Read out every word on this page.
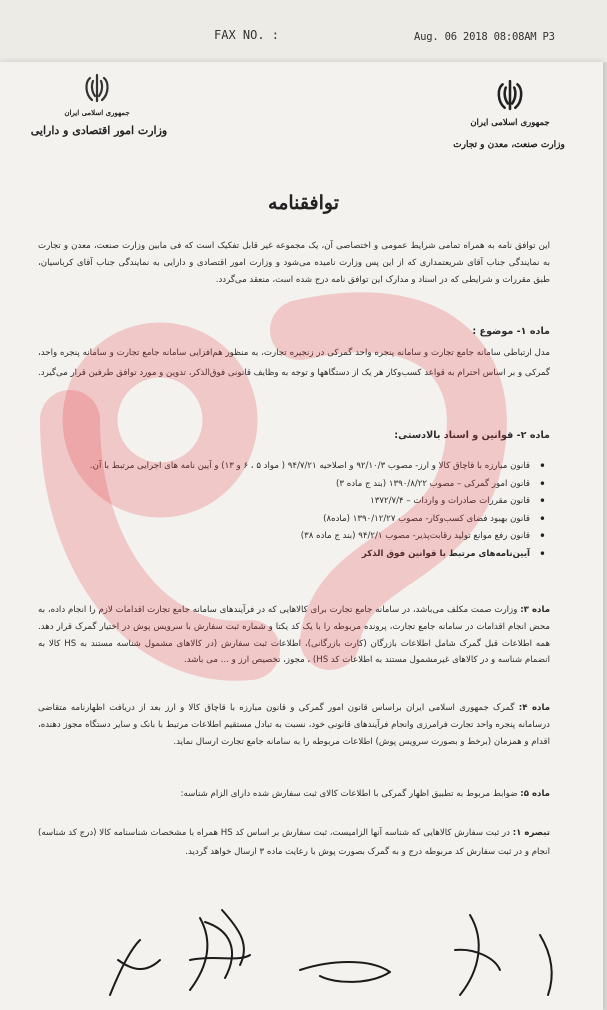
FAX NO. :	Aug. 06 2018 08:08AM P3
جمهوری اسلامی ایران
وزارت امور اقتصادی و دارایی
جمهوری اسلامی ایران
وزارت صنعت، معدن و تجارت
توافقنامه
این توافق نامه به همراه تمامی شرایط عمومی و اختصاصی آن، یک مجموعه غیر قابل تفکیک است که فی مابین وزارت صنعت، معدن و تجارت به نمایندگی جناب آقای شریعتمداری که از این پس وزارت نامیده می‌شود و وزارت امور اقتصادی و دارایی به نمایندگی جناب آقای کرباسیان، طبق مقررات و شرایطی که در اسناد و مدارک این توافق نامه درج شده است، منعقد می‌گردد.
ماده ۱- موضوع :
مدل ارتباطی سامانه جامع تجارت و سامانه پنجره واحد گمرکی در زنجیره تجارت، به منظور هم‌افزایی سامانه جامع تجارت و سامانه پنجره واحد، گمرکی و بر اساس احترام به قواعد کسب‌وکار هر یک از دستگاهها و توجه به وظایف قانونی فوق‌الذکر، تدوین و مورد توافق طرفین قرار می‌گیرد.
ماده ۲- قوانین و اسناد بالادستی:
• قانون مبارزه با قاچاق کالا و ارز- مصوب ۹۲/۱۰/۳ و اصلاحیه ۹۴/۷/۲۱ ( مواد ۵ ، ۶ و ۱۳) و آیین نامه های اجرایی مرتبط با آن.
• قانون امور گمرکی – مصوب ۱۳۹۰/۸/۲۲ (بند ج ماده ۳)
• قانون مقررات صادرات و واردات – ۱۳۷۲/۷/۴
• قانون بهبود فضای کسب‌وکار- مصوب ۱۳۹۰/۱۲/۲۷ (ماده۸)
• قانون رفع موانع تولید رقابت‌پذیر- مصوب ۹۴/۲/۱ (بند ج ماده ۳۸)
• آیین‌نامه‌های مرتبط با قوانین فوق الذکر
ماده ۳: وزارت صمت مکلف می‌باشد، در سامانه جامع تجارت برای کالاهایی که در فرآیندهای سامانه جامع تجارت اقدامات لازم را انجام داده، به محض انجام اقدامات در سامانه جامع تجارت، پرونده مربوطه را با یک کد یکتا و شماره ثبت سفارش با سرویس پوش در اختیار گمرک قرار دهد. همه اطلاعات قبل گمرک شامل اطلاعات بازرگان (کارت بازرگانی)، اطلاعات ثبت سفارش (در کالاهای مشمول شناسه مستند به HS کالا به انضمام شناسه و در کالاهای غیرمشمول مستند به اطلاعات کد HS) ، مجوز، تخصیص ارز و ... می باشد.
ماده ۴: گمرک جمهوری اسلامی ایران براساس قانون امور گمرکی و قانون مبارزه با قاچاق کالا و ارز بعد از دریافت اظهارنامه متقاضی درسامانه پنجره واحد تجارت فرامرزی وانجام فرآیندهای قانونی خود، نسبت به تبادل مستقیم اطلاعات مرتبط با بانک و سایر دستگاه مجوز دهنده، اقدام و همزمان (برخط و بصورت سرویس پوش) اطلاعات مربوطه را به سامانه جامع تجارت ارسال نماید.
ماده ۵: ضوابط مربوط به تطبیق اظهار گمرکی با اطلاعات کالای ثبت سفارش شده دارای الزام شناسه:
تبصره ۱: در ثبت سفارش کالاهایی که شناسه آنها الزامیست، ثبت سفارش بر اساس کد HS همراه با مشخصات شناسنامه کالا (درج کد شناسه) انجام و در ثبت سفارش کد مربوطه درج و به گمرک بصورت پوش با رعایت ماده ۳ ارسال خواهد گردید.
